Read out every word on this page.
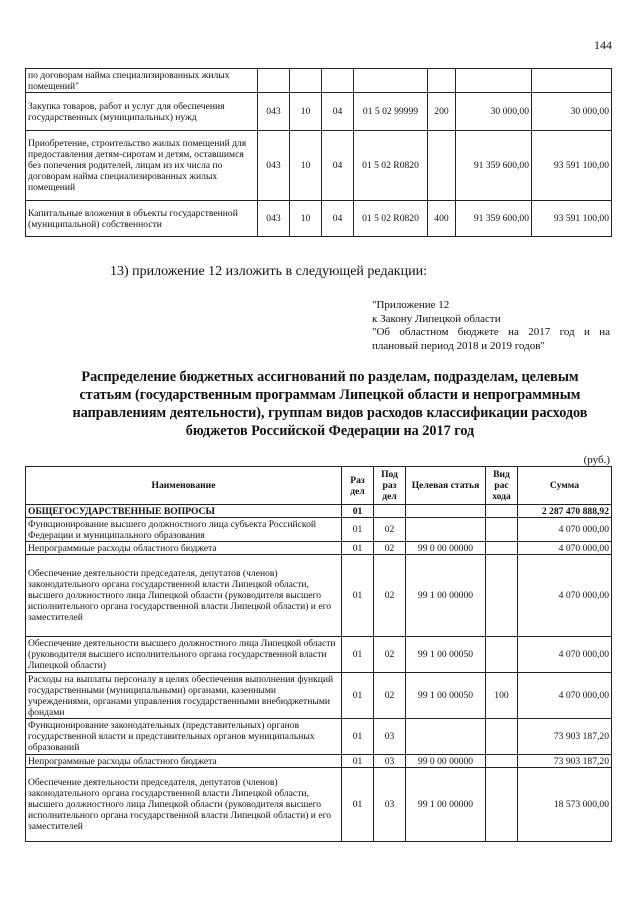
144
по договорам найма специализированных жилых помещений"							
Закупка товаров, работ и услуг для обеспечения государственных (муниципальных) нужд	043	10	04	01 5 02 99999	200	30 000,00	30 000,00
Приобретение, строительство жилых помещений для предоставления детям-сиротам и детям, оставшимся без попечения родителей, лицам из их числа по договорам найма специализированных жилых помещений	043	10	04	01 5 02 R0820		91 359 600,00	93 591 100,00
Капитальные вложения в объекты государственной (муниципальной) собственности	043	10	04	01 5 02 R0820	400	91 359 600,00	93 591 100,00
13) приложение 12 изложить в следующей редакции:
"Приложение 12
к Закону Липецкой области
"Об областном бюджете на 2017 год и на
плановый период 2018 и 2019 годов"
Распределение бюджетных ассигнований по разделам, подразделам, целевым статьям (государственным программам Липецкой области и непрограммным направлениям деятельности), группам видов расходов классификации расходов бюджетов Российской Федерации на 2017 год
(руб.)
Наименование	Раз дел	Под раз дел	Целевая статья	Вид рас хода	Сумма
ОБЩЕГОСУДАРСТВЕННЫЕ ВОПРОСЫ	01				2 287 470 888,92
Функционирование высшего должностного лица субъекта Российской Федерации и муниципального образования	01	02			4 070 000,00
Непрограммные расходы областного бюджета	01	02	99 0 00 00000		4 070 000,00
Обеспечение деятельности председателя, депутатов (членов) законодательного органа государственной власти Липецкой области, высшего должностного лица Липецкой области (руководителя высшего исполнительного органа государственной власти Липецкой области) и его заместителей	01	02	99 1 00 00000		4 070 000,00
Обеспечение деятельности высшего должностного лица Липецкой области (руководителя высшего исполнительного органа государственной власти Липецкой области)	01	02	99 1 00 00050		4 070 000,00
Расходы на выплаты персоналу в целях обеспечения выполнения функций государственными (муниципальными) органами, казенными учреждениями, органами управления государственными внебюджетными фондами	01	02	99 1 00 00050	100	4 070 000,00
Функционирование законодательных (представительных) органов государственной власти и представительных органов муниципальных образований	01	03			73 903 187,20
Непрограммные расходы областного бюджета	01	03	99 0 00 00000		73 903 187,20
Обеспечение деятельности председателя, депутатов (членов) законодательного органа государственной власти Липецкой области, высшего должностного лица Липецкой области (руководителя высшего исполнительного органа государственной власти Липецкой области) и его заместителей	01	03	99 1 00 00000		18 573 000,00
